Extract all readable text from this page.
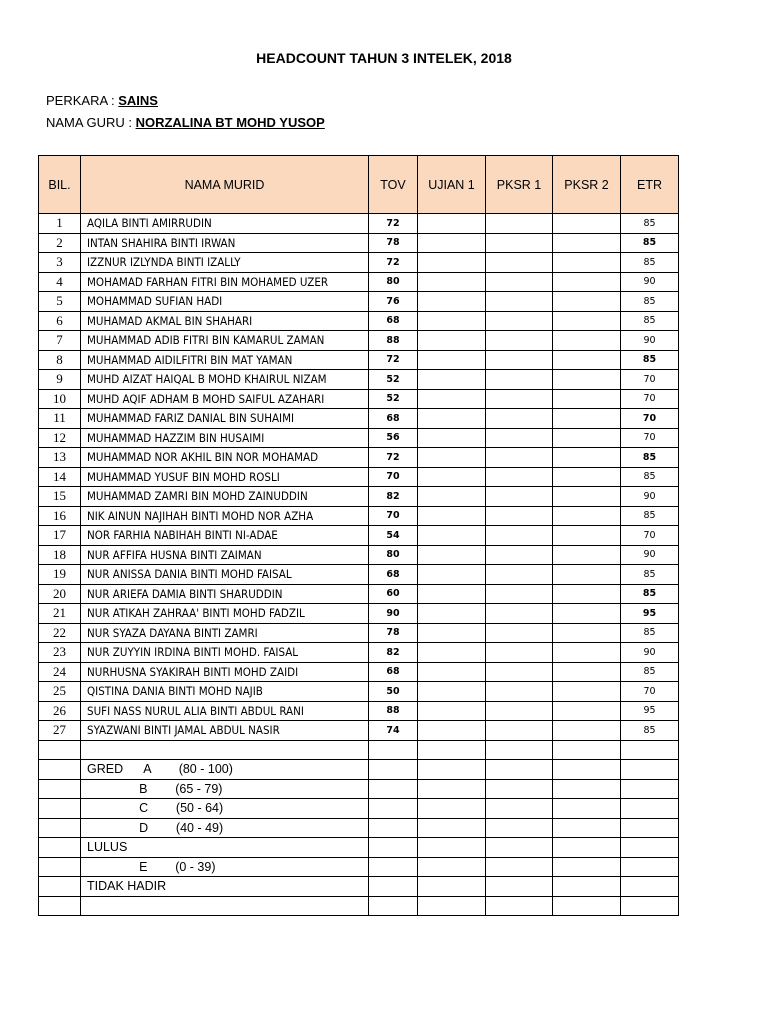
HEADCOUNT TAHUN 3 INTELEK, 2018
PERKARA : SAINS
NAMA GURU : NORZALINA BT MOHD YUSOP
BIL.	NAMA MURID	TOV	UJIAN 1	PKSR 1	PKSR 2	ETR
1	AQILA BINTI AMIRRUDIN	72				85
2	INTAN SHAHIRA BINTI IRWAN	78				85
3	IZZNUR IZLYNDA BINTI IZALLY	72				85
4	MOHAMAD FARHAN FITRI BIN MOHAMED UZER	80				90
5	MOHAMMAD SUFIAN HADI	76				85
6	MUHAMAD AKMAL BIN SHAHARI	68				85
7	MUHAMMAD ADIB FITRI BIN KAMARUL ZAMAN	88				90
8	MUHAMMAD AIDILFITRI BIN MAT YAMAN	72				85
9	MUHD AIZAT HAIQAL B MOHD KHAIRUL NIZAM	52				70
10	MUHD AQIF ADHAM B MOHD SAIFUL AZAHARI	52				70
11	MUHAMMAD FARIZ DANIAL BIN SUHAIMI	68				70
12	MUHAMMAD HAZZIM BIN HUSAIMI	56				70
13	MUHAMMAD NOR AKHIL BIN NOR MOHAMAD	72				85
14	MUHAMMAD YUSUF BIN MOHD ROSLI	70				85
15	MUHAMMAD ZAMRI BIN MOHD ZAINUDDIN	82				90
16	NIK AINUN NAJIHAH BINTI MOHD NOR AZHA	70				85
17	NOR FARHIA NABIHAH BINTI NI-ADAE	54				70
18	NUR AFFIFA HUSNA BINTI ZAIMAN	80				90
19	NUR ANISSA DANIA BINTI MOHD FAISAL	68				85
20	NUR ARIEFA DAMIA BINTI SHARUDDIN	60				85
21	NUR ATIKAH ZAHRAA' BINTI MOHD FADZIL	90				95
22	NUR SYAZA DAYANA BINTI ZAMRI	78				85
23	NUR ZUYYIN IRDINA BINTI MOHD. FAISAL	82				90
24	NURHUSNA SYAKIRAH BINTI MOHD ZAIDI	68				85
25	QISTINA DANIA BINTI MOHD NAJIB	50				70
26	SUFI NASS NURUL ALIA BINTI ABDUL RANI	88				95
27	SYAZWANI BINTI JAMAL ABDUL NASIR	74				85

	GRED      A        (80 - 100)					
	B        (65 - 79)					
	C        (50 - 64)					
	D        (40 - 49)					
	LULUS					
	E        (0 - 39)					
	TIDAK HADIR					
